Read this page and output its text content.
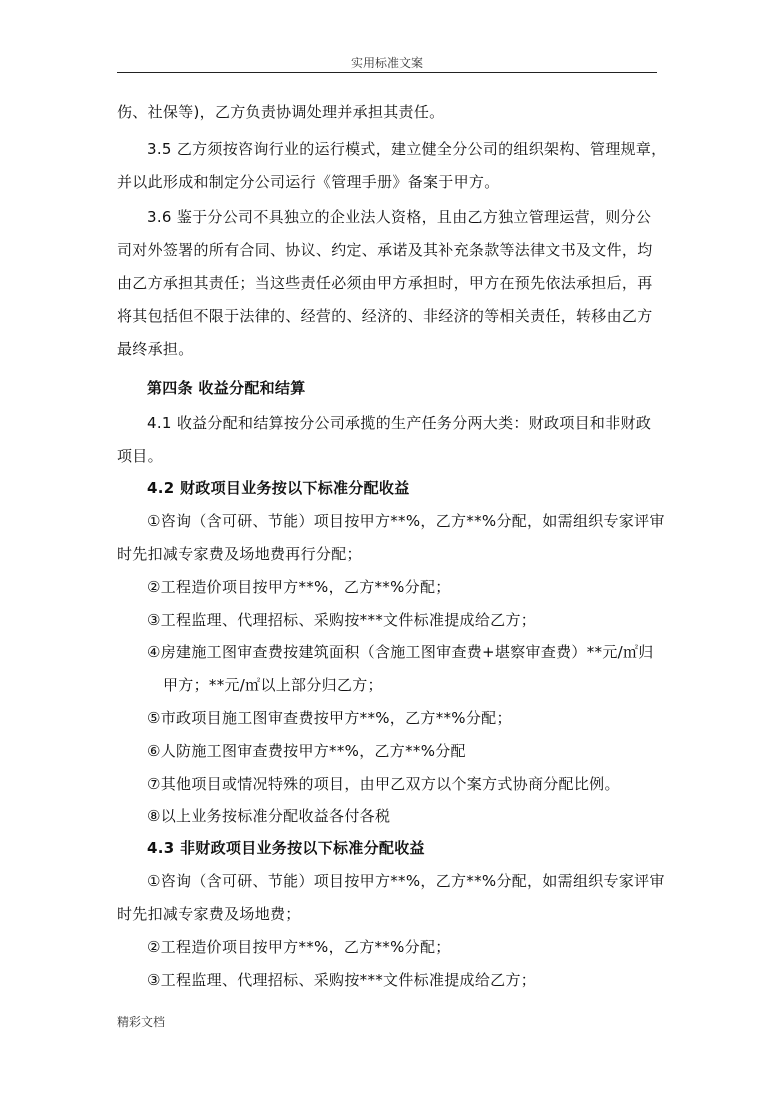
实用标准文案
伤、社保等)，乙方负责协调处理并承担其责任。
3.5 乙方须按咨询行业的运行模式，建立健全分公司的组织架构、管理规章，
并以此形成和制定分公司运行《管理手册》备案于甲方。
3.6 鉴于分公司不具独立的企业法人资格，且由乙方独立管理运营，则分公
司对外签署的所有合同、协议、约定、承诺及其补充条款等法律文书及文件，均
由乙方承担其责任；当这些责任必须由甲方承担时，甲方在预先依法承担后，再
将其包括但不限于法律的、经营的、经济的、非经济的等相关责任，转移由乙方
最终承担。
第四条 收益分配和结算
4.1 收益分配和结算按分公司承揽的生产任务分两大类：财政项目和非财政
项目。
4.2 财政项目业务按以下标准分配收益
①咨询（含可研、节能）项目按甲方**%，乙方**%分配，如需组织专家评审
时先扣减专家费及场地费再行分配；
②工程造价项目按甲方**%，乙方**%分配；
③工程监理、代理招标、采购按***文件标准提成给乙方；
④房建施工图审查费按建筑面积（含施工图审查费+堪察审查费）**元/㎡归
甲方；**元/㎡以上部分归乙方；
⑤市政项目施工图审查费按甲方**%，乙方**%分配；
⑥人防施工图审查费按甲方**%，乙方**%分配
⑦其他项目或情况特殊的项目，由甲乙双方以个案方式协商分配比例。
⑧以上业务按标准分配收益各付各税
4.3 非财政项目业务按以下标准分配收益
①咨询（含可研、节能）项目按甲方**%，乙方**%分配，如需组织专家评审
时先扣减专家费及场地费；
②工程造价项目按甲方**%，乙方**%分配；
③工程监理、代理招标、采购按***文件标准提成给乙方；
精彩文档
